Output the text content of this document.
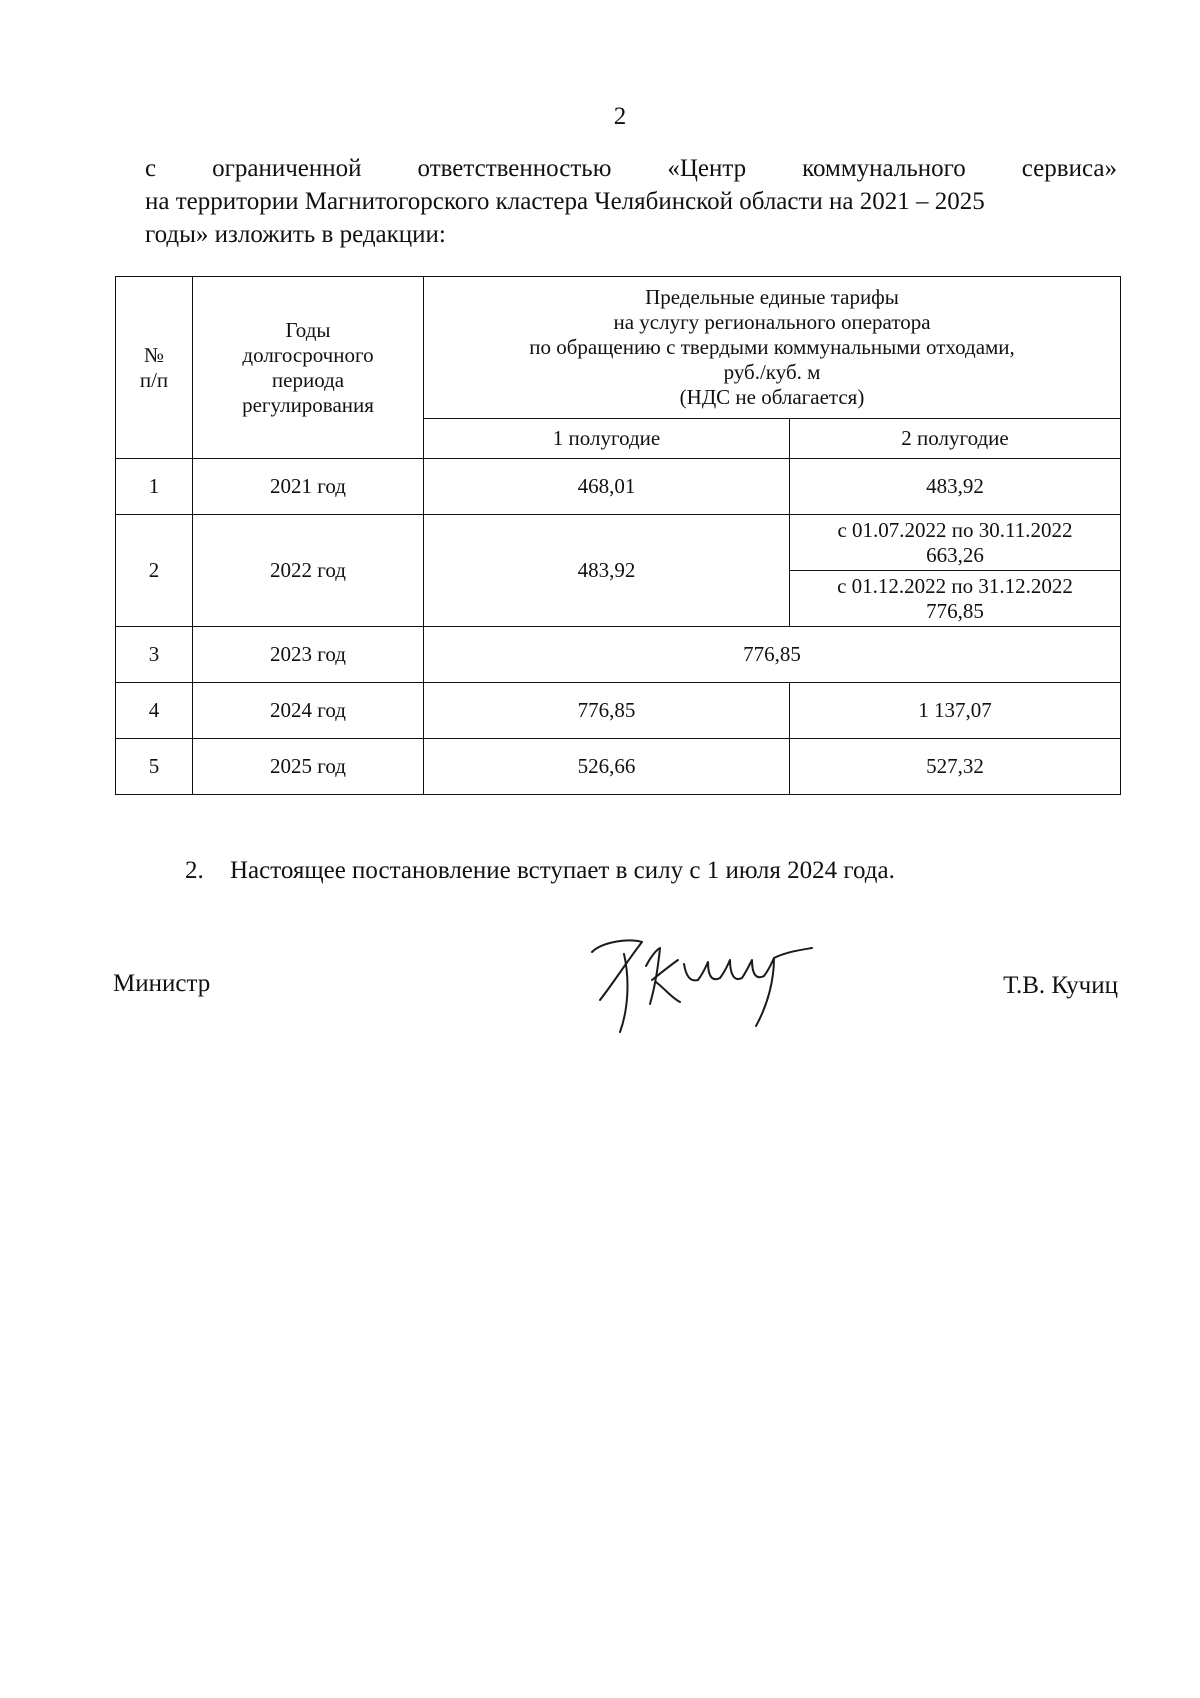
2
с ограниченной ответственностью «Центр коммунального сервиса»
на территории Магнитогорского кластера Челябинской области на 2021 – 2025
годы» изложить в редакции:
№
п/п	Годы
долгосрочного
периода
регулирования	Предельные единые тарифы
на услугу регионального оператора
по обращению с твердыми коммунальными отходами,
руб./куб. м
(НДС не облагается)	
		1 полугодие	2 полугодие
1	2021 год	468,01	483,92
2	2022 год	483,92	с 01.07.2022 по 30.11.2022
663,26
			с 01.12.2022 по 31.12.2022
776,85
3	2023 год	776,85	
4	2024 год	776,85	1 137,07
5	2025 год	526,66	527,32
2. Настоящее постановление вступает в силу с 1 июля 2024 года.
Министр	Т.В. Кучиц
